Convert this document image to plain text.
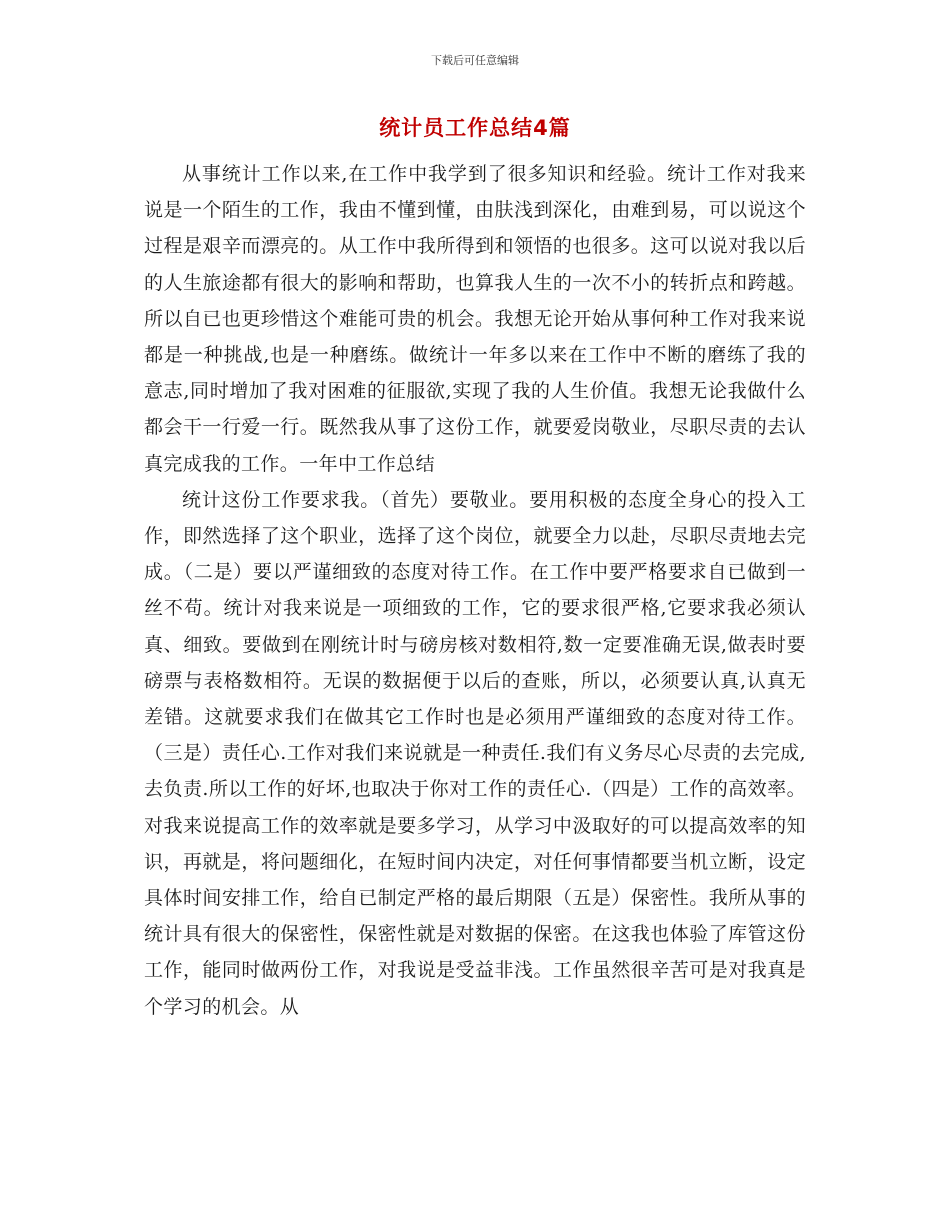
下载后可任意编辑
统计员工作总结4篇

从事统计工作以来,在工作中我学到了很多知识和经验。统计工作对我来说是一个陌生的工作，我由不懂到懂，由肤浅到深化，由难到易，可以说这个过程是艰辛而漂亮的。从工作中我所得到和领悟的也很多。这可以说对我以后的人生旅途都有很大的影响和帮助，也算我人生的一次不小的转折点和跨越。所以自已也更珍惜这个难能可贵的机会。我想无论开始从事何种工作对我来说都是一种挑战,也是一种磨练。做统计一年多以来在工作中不断的磨练了我的意志,同时增加了我对困难的征服欲,实现了我的人生价值。我想无论我做什么都会干一行爱一行。既然我从事了这份工作，就要爱岗敬业，尽职尽责的去认真完成我的工作。一年中工作总结

统计这份工作要求我。（首先）要敬业。要用积极的态度全身心的投入工作，即然选择了这个职业，选择了这个岗位，就要全力以赴，尽职尽责地去完成。（二是）要以严谨细致的态度对待工作。在工作中要严格要求自已做到一丝不苟。统计对我来说是一项细致的工作，它的要求很严格,它要求我必须认真、细致。要做到在刚统计时与磅房核对数相符,数一定要准确无误,做表时要磅票与表格数相符。无误的数据便于以后的查账，所以，必须要认真,认真无差错。这就要求我们在做其它工作时也是必须用严谨细致的态度对待工作。（三是）责任心.工作对我们来说就是一种责任.我们有义务尽心尽责的去完成,去负责.所以工作的好坏,也取决于你对工作的责任心.（四是）工作的高效率。对我来说提高工作的效率就是要多学习，从学习中汲取好的可以提高效率的知识，再就是，将问题细化，在短时间内决定，对任何事情都要当机立断，设定具体时间安排工作，给自已制定严格的最后期限（五是）保密性。我所从事的统计具有很大的保密性，保密性就是对数据的保密。在这我也体验了库管这份工作，能同时做两份工作，对我说是受益非浅。工作虽然很辛苦可是对我真是个学习的机会。从
